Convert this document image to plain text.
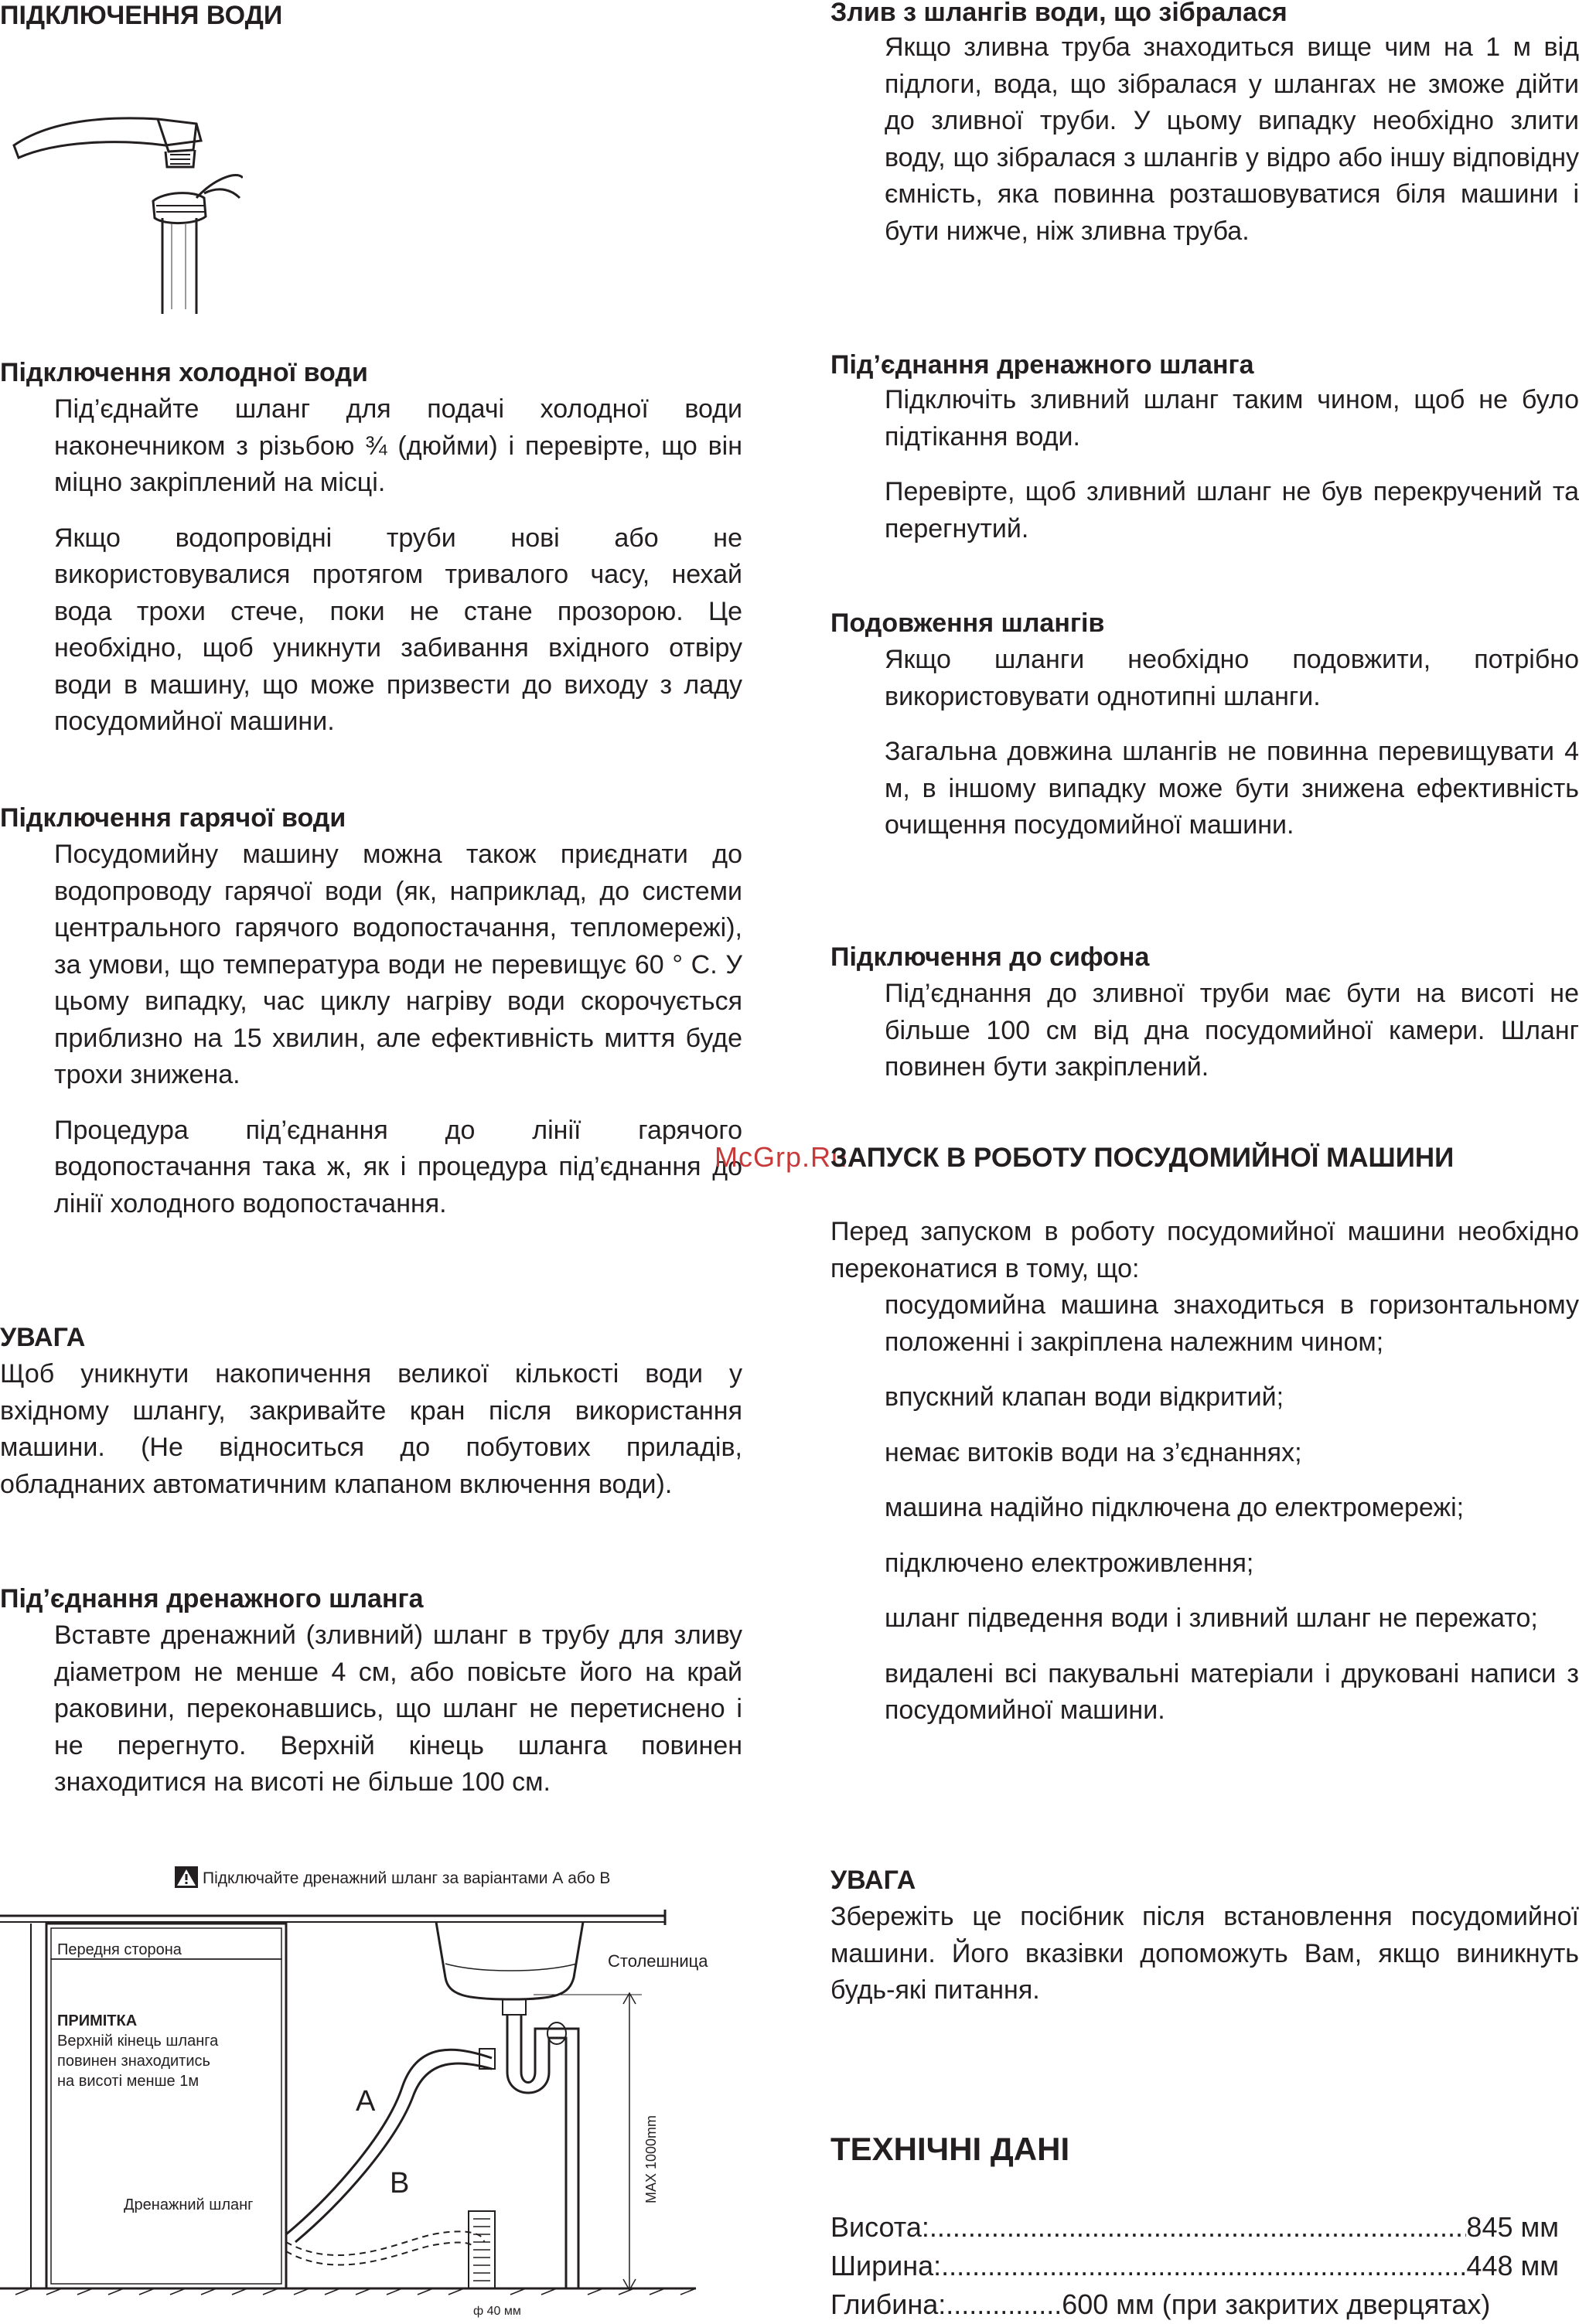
ПІДКЛЮЧЕННЯ ВОДИ
Підключення холодної води

Під’єднайте шланг для подачі холодної води наконечником з різьбою ¾ (дюйми) і перевірте, що він міцно закріплений на місці.

Якщо водопровідні труби нові або не використовувалися протягом тривалого часу, нехай вода трохи стече, поки не стане прозорою. Це необхідно, щоб уникнути забивання вхідного отвіру води в машину, що може призвести до виходу з ладу посудомийної машини.

Підключення гарячої води

Посудомийну машину можна також приєднати до водопроводу гарячої води (як, наприклад, до системи центрального гарячого водопостачання, тепломережі), за умови, що температура води не перевищує 60 ° C. У цьому випадку, час циклу нагріву води скорочується приблизно на 15 хвилин, але ефективність миття буде трохи знижена.

Процедура під’єднання до лінії гарячого водопостачання така ж, як і процедура під’єднання до лінії холодного водопостачання.

УВАГА

Щоб уникнути накопичення великої кількості води у вхідному шлангу, закривайте кран після використання машини. (Не відноситься до побутових приладів, обладнаних автоматичним клапаном включення води).

Під’єднання дренажного шланга

Вставте дренажний (зливний) шланг в трубу для зливу діаметром не менше 4 см, або повісьте його на край раковини, переконавшись, що шланг не перетиснено і не перегнуто. Верхній кінець шланга повинен знаходитися на висоті не більше 100 см.

Підключайте дренажний шланг за варіантами А або В
Передня сторона
ПРИМІТКА
Верхній кінець шланга
повинен знаходитись
на висоті менше 1м
Дренажний шланг
Столешница
A
B
ф 40 мм
MAX 1000mm
McGrp.Ru
Злив з шлангів води, що зібралася

Якщо зливна труба знаходиться вище чим на 1 м від підлоги, вода, що зібралася у шлангах не зможе дійти до зливної труби. У цьому випадку необхідно злити воду, що зібралася з шлангів у відро або іншу відповідну ємність, яка повинна розташовуватися біля машини і бути нижче, ніж зливна труба.

Під’єднання дренажного шланга

Підключіть зливний шланг таким чином, щоб не було підтікання води.

Перевірте, щоб зливний шланг не був перекручений та перегнутий.

Подовження шлангів

Якщо шланги необхідно подовжити, потрібно використовувати однотипні шланги.

Загальна довжина шлангів не повинна перевищувати 4 м, в іншому випадку може бути знижена ефективність очищення посудомийної машини.

Підключення до сифона

Під’єднання до зливної труби має бути на висоті не більше 100 см від дна посудомийної камери. Шланг повинен бути закріплений.

ЗАПУСК В РОБОТУ ПОСУДОМИЙНОЇ МАШИНИ

Перед запуском в роботу посудомийної машини необхідно переконатися в тому, що:

посудомийна машина знаходиться в горизонтальному положенні і закріплена належним чином;

впускний клапан води відкритий;

немає витоків води на з’єднаннях;

машина надійно підключена до електромережі;

підключено електроживлення;

шланг підведення води і зливний шланг не пережато;

видалені всі пакувальні матеріали і друковані написи з посудомийної машини.

УВАГА

Збережіть це посібник після встановлення посудомийної машини. Його вказівки допоможуть Вам, якщо виникнуть будь-які питання.

ТЕХНІЧНІ ДАНІ
Висота: .....	845 мм
Ширина: .....	448 мм
Глибина: .....	600 мм (при закритих дверцятах)
